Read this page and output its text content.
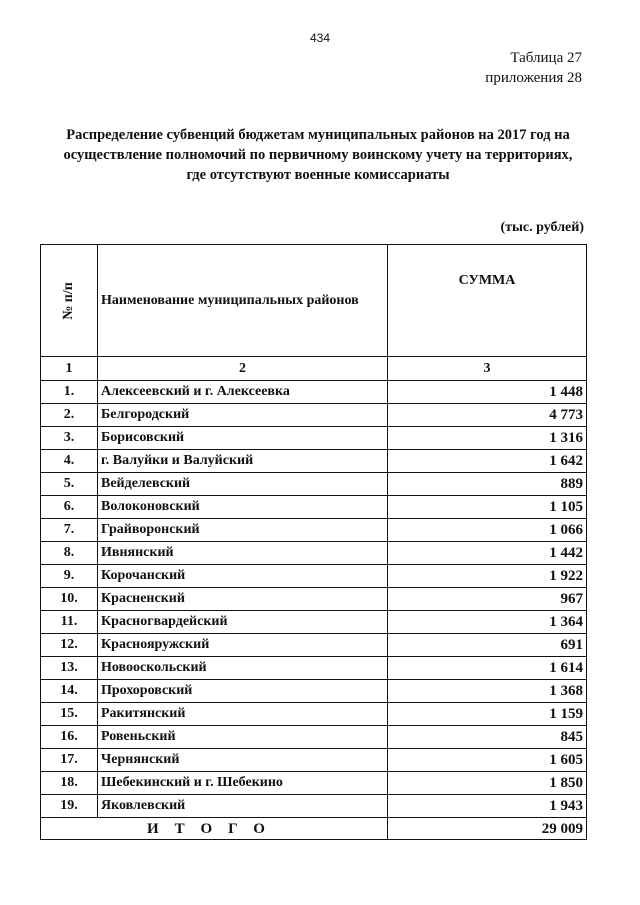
434
Таблица 27
приложения 28
Распределение субвенций бюджетам муниципальных районов на 2017 год на
осуществление полномочий по первичному воинскому учету на территориях,
где отсутствуют военные комиссариаты
(тыс. рублей)
№ п/п	Наименование муниципальных районов	СУММА
1	2	3
1.	Алексеевский и г. Алексеевка	1 448
2.	Белгородский	4 773
3.	Борисовский	1 316
4.	г. Валуйки и Валуйский	1 642
5.	Вейделевский	889
6.	Волоконовский	1 105
7.	Грайворонский	1 066
8.	Ивнянский	1 442
9.	Корочанский	1 922
10.	Красненский	967
11.	Красногвардейский	1 364
12.	Краснояружский	691
13.	Новооскольский	1 614
14.	Прохоровский	1 368
15.	Ракитянский	1 159
16.	Ровеньский	845
17.	Чернянский	1 605
18.	Шебекинский и г. Шебекино	1 850
19.	Яковлевский	1 943
ИТОГО		29 009
